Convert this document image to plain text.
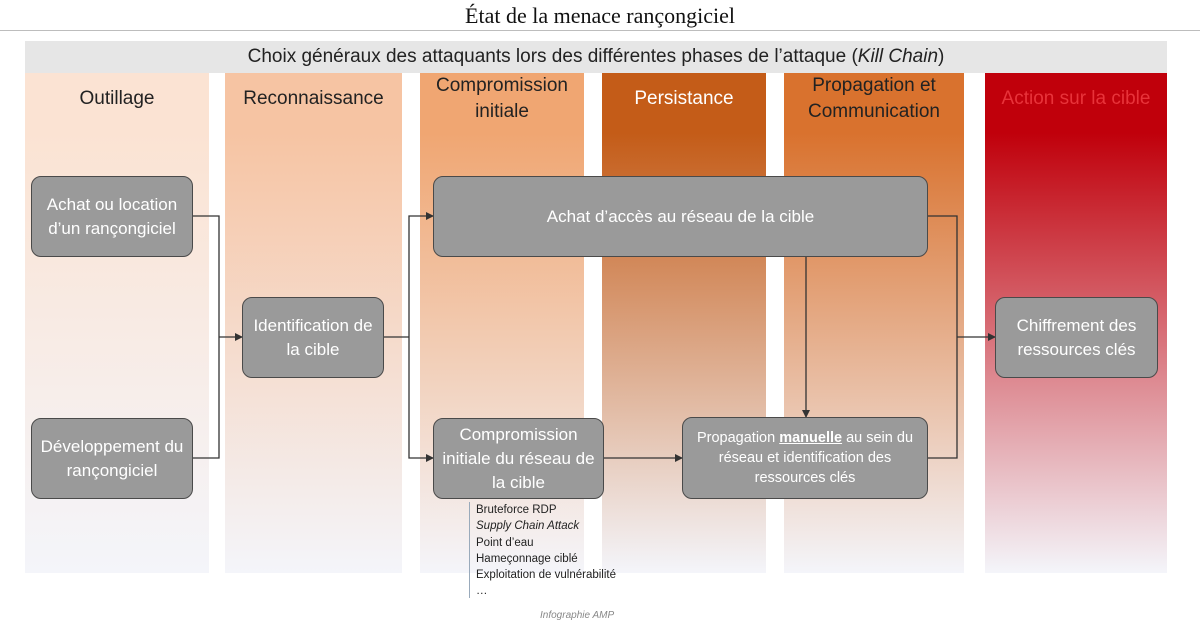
État de la menace rançongiciel
Choix généraux des attaquants lors des différentes phases de l’attaque (Kill Chain)
Outillage	Reconnaissance
Compromission initiale
Persistance
Propagation et Communication
Action sur la cible
Achat ou location d’un rançongiciel
Développement du rançongiciel
Identification de la cible
Achat d’accès au réseau de la cible
Compromission initiale du réseau de la cible
Propagation manuelle au sein du réseau et identification des ressources clés
Chiffrement des ressources clés
Bruteforce RDP
Supply Chain Attack
Point d’eau
Hameçonnage ciblé
Exploitation de vulnérabilité
…
Infographie AMP
